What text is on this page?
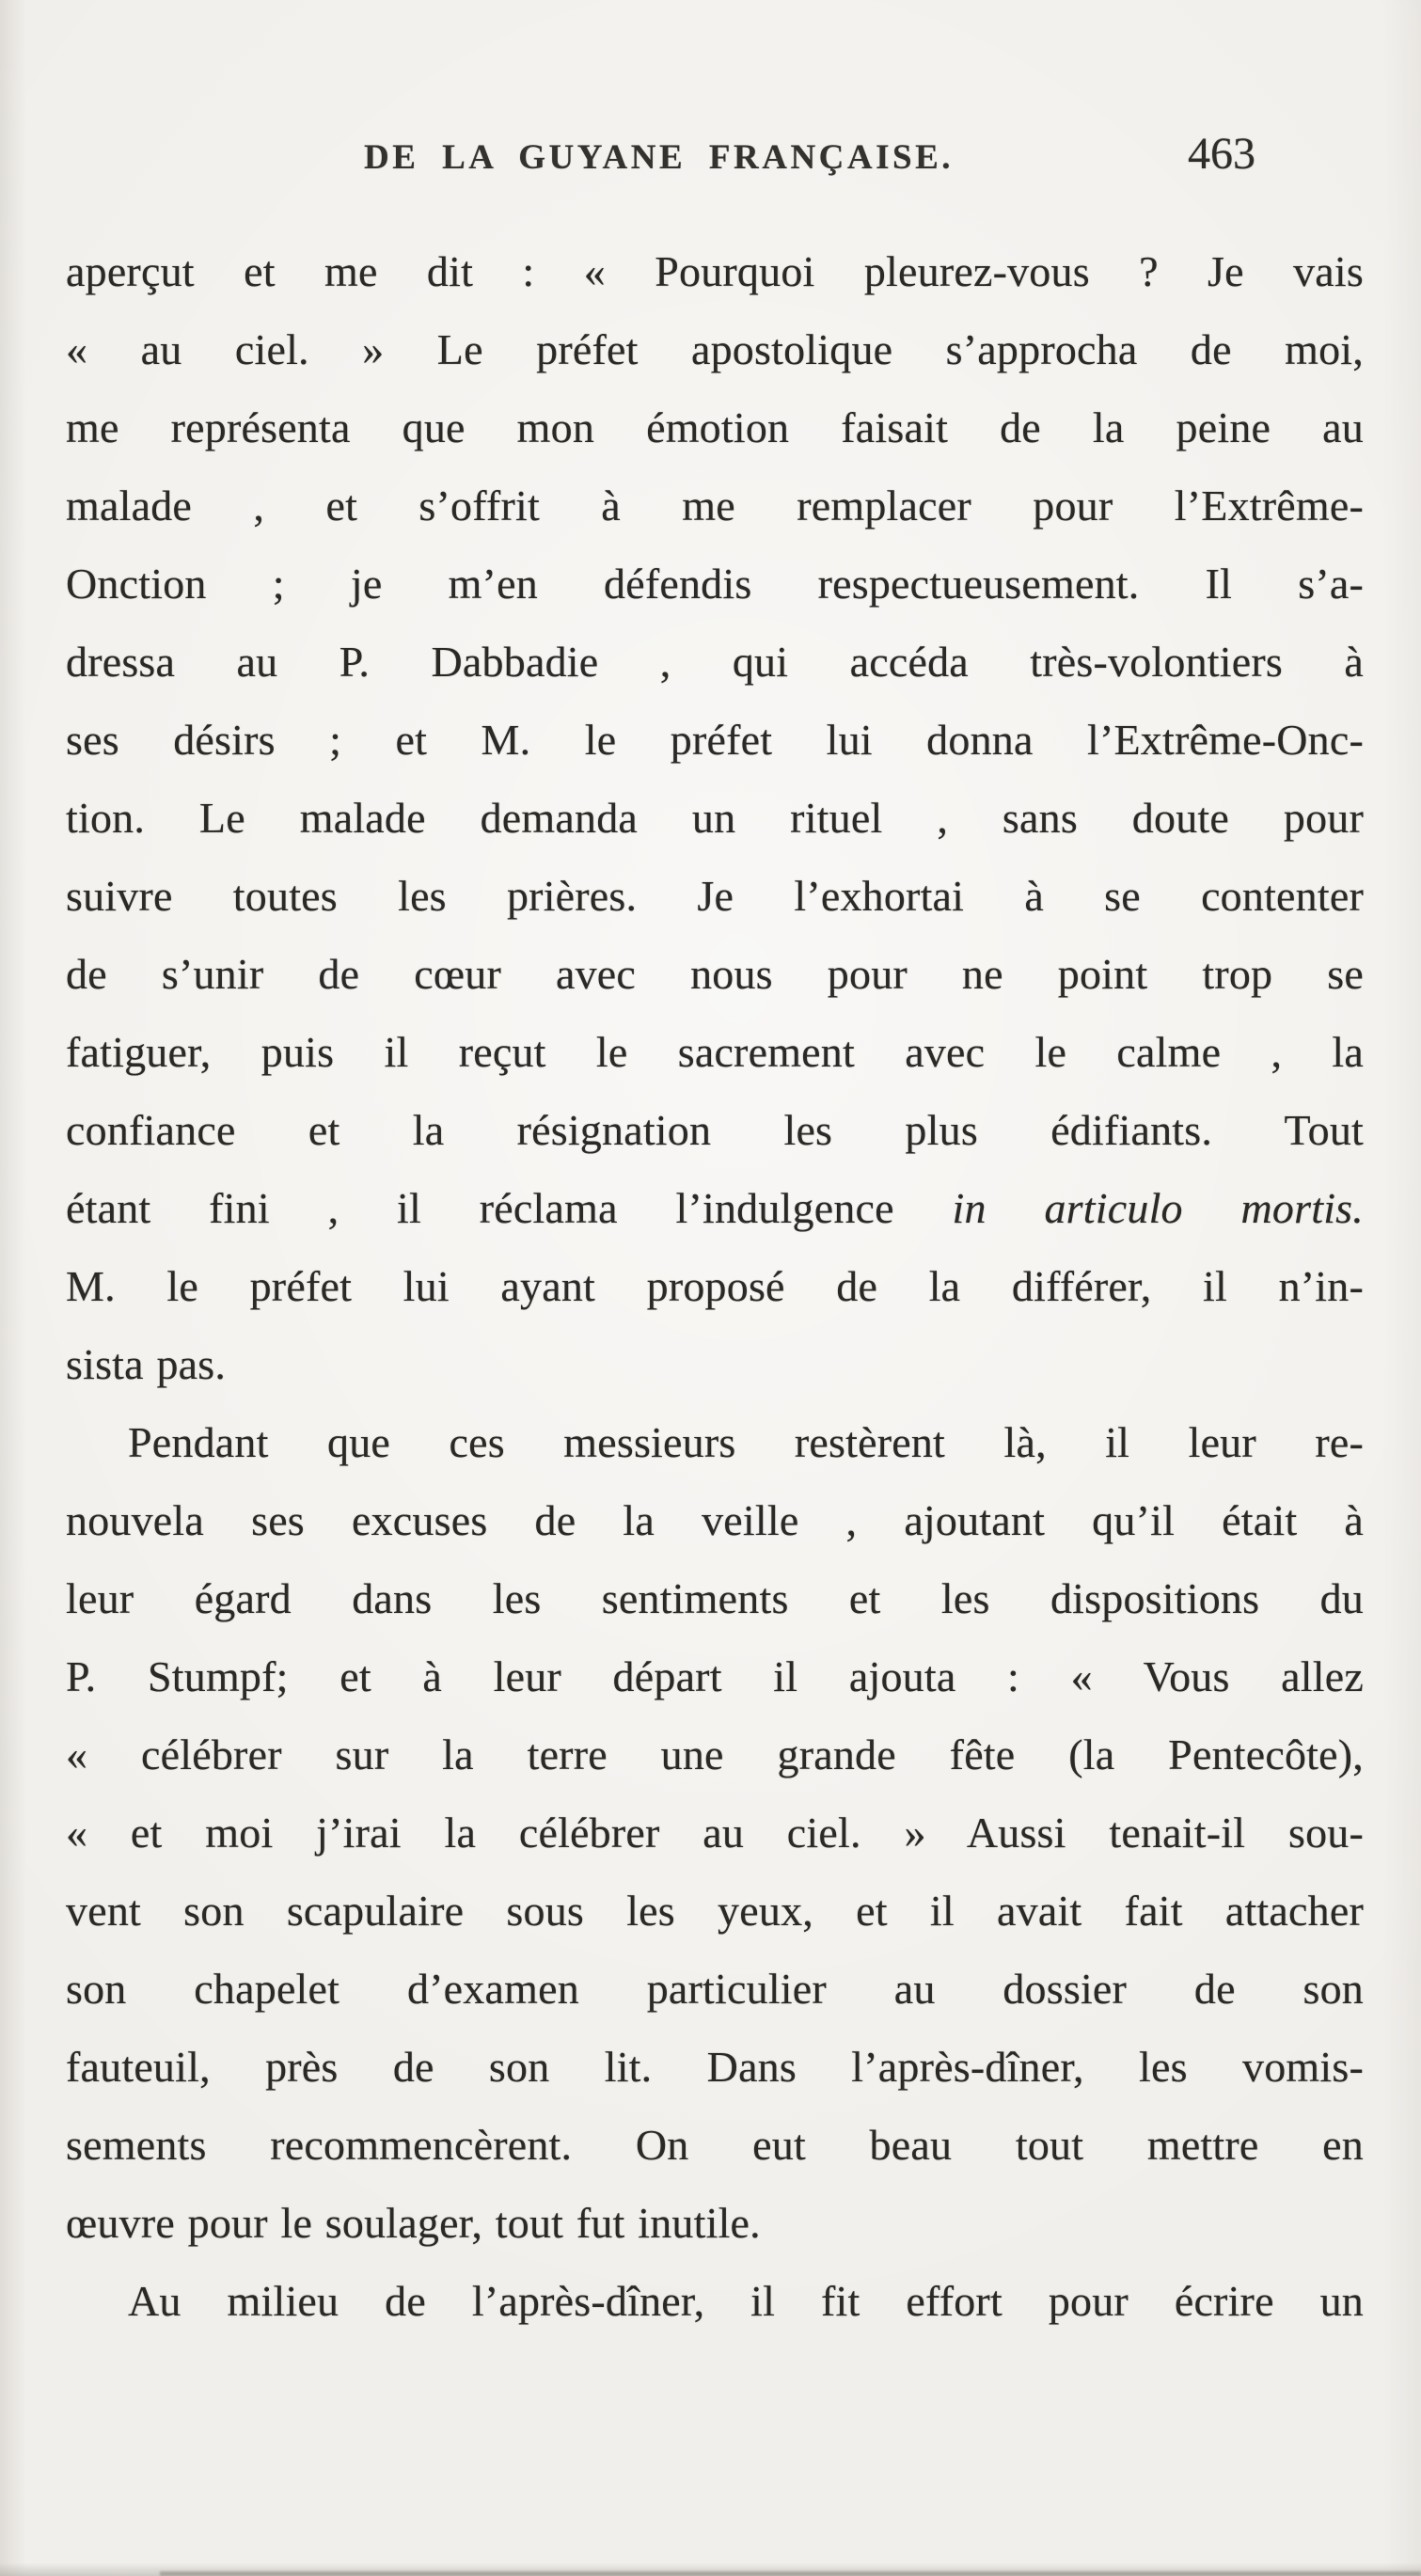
DE LA GUYANE FRANÇAISE.	463
aperçut et me dit : « Pourquoi pleurez-vous ? Je vais
« au ciel. » Le préfet apostolique s’approcha de moi,
me représenta que mon émotion faisait de la peine au
malade , et s’offrit à me remplacer pour l’Extrême-
Onction ; je m’en défendis respectueusement. Il s’a-
dressa au P. Dabbadie , qui accéda très-volontiers à
ses désirs ; et M. le préfet lui donna l’Extrême-Onc-
tion. Le malade demanda un rituel , sans doute pour
suivre toutes les prières. Je l’exhortai à se contenter
de s’unir de cœur avec nous pour ne point trop se
fatiguer, puis il reçut le sacrement avec le calme , la
confiance et la résignation les plus édifiants. Tout
étant fini , il réclama l’indulgence in articulo mortis.
M. le préfet lui ayant proposé de la différer, il n’in-
sista pas.
Pendant que ces messieurs restèrent là, il leur re-
nouvela ses excuses de la veille , ajoutant qu’il était à
leur égard dans les sentiments et les dispositions du
P. Stumpf; et à leur départ il ajouta : « Vous allez
« célébrer sur la terre une grande fête (la Pentecôte),
« et moi j’irai la célébrer au ciel. » Aussi tenait-il sou-
vent son scapulaire sous les yeux, et il avait fait attacher
son chapelet d’examen particulier au dossier de son
fauteuil, près de son lit. Dans l’après-dîner, les vomis-
sements recommencèrent. On eut beau tout mettre en
œuvre pour le soulager, tout fut inutile.
Au milieu de l’après-dîner, il fit effort pour écrire un
